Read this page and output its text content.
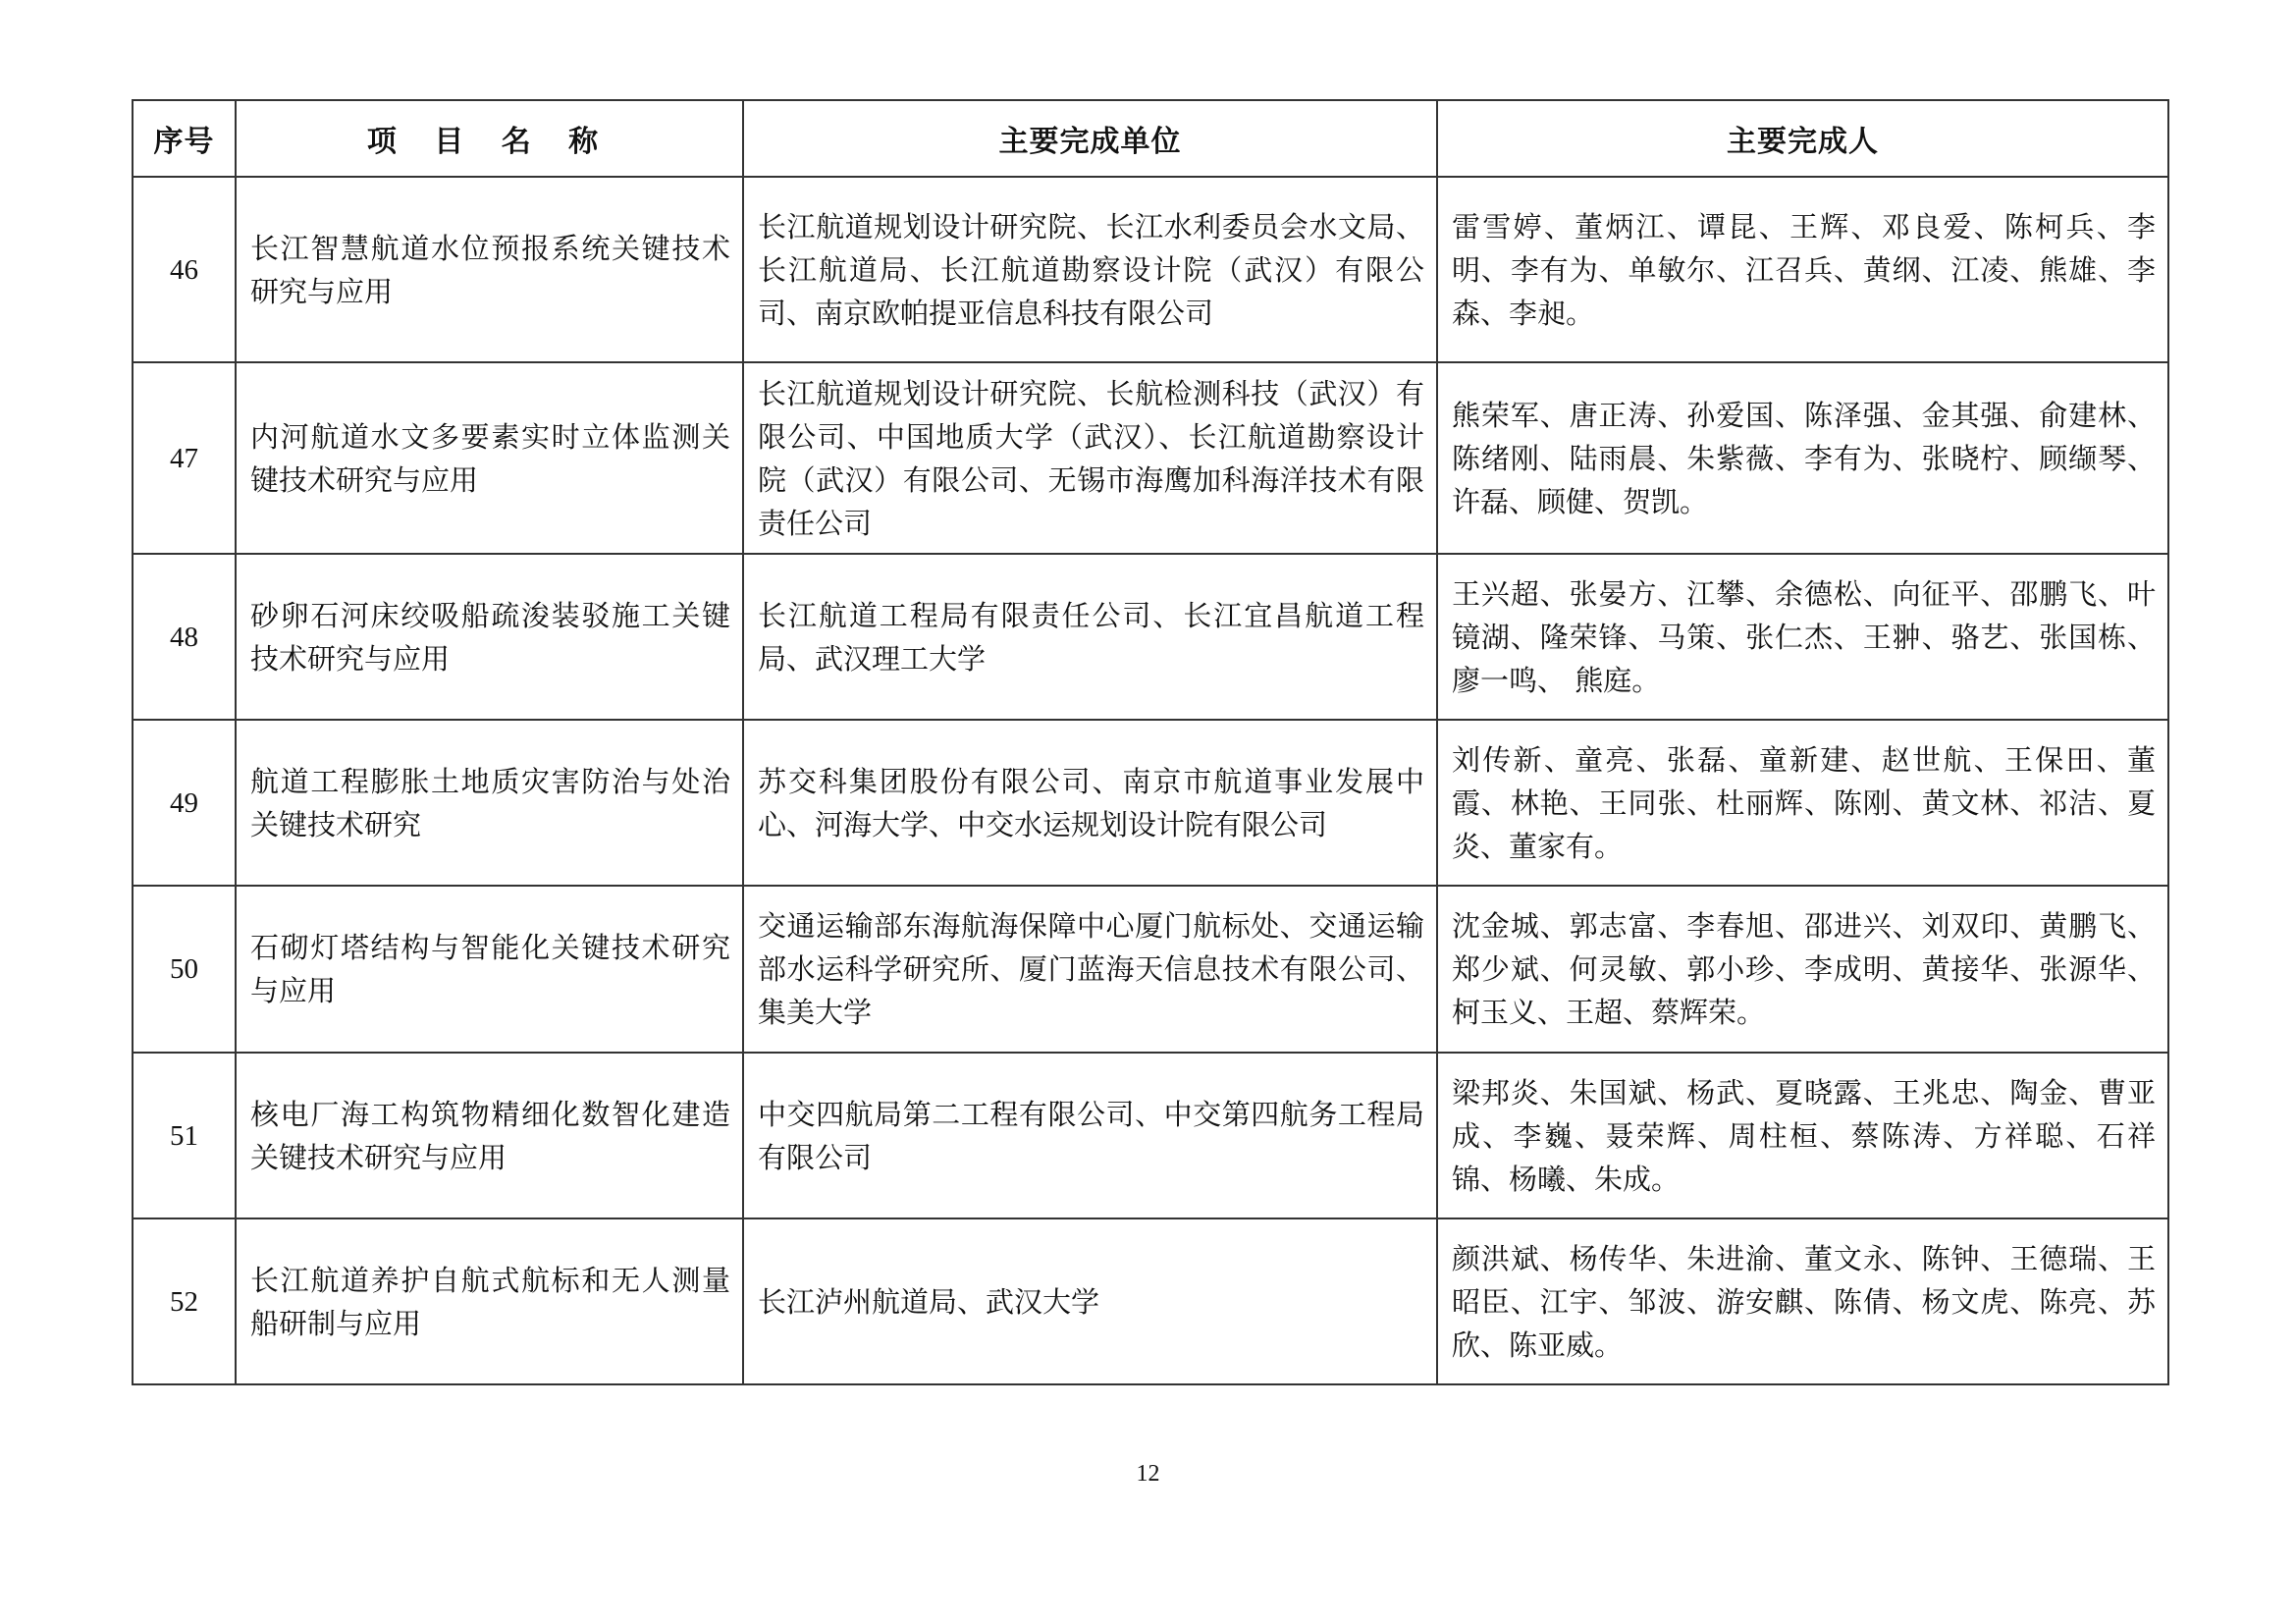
序号	项 目 名 称	主要完成单位	主要完成人
46	长江智慧航道水位预报系统关键技术研究与应用	长江航道规划设计研究院、长江水利委员会水文局、长江航道局、长江航道勘察设计院（武汉）有限公司、南京欧帕提亚信息科技有限公司	雷雪婷、董炳江、谭昆、王辉、邓良爱、陈柯兵、李明、李有为、单敏尔、江召兵、黄纲、江凌、熊雄、李森、李昶。
47	内河航道水文多要素实时立体监测关键技术研究与应用	长江航道规划设计研究院、长航检测科技（武汉）有限公司、中国地质大学（武汉）、长江航道勘察设计院（武汉）有限公司、无锡市海鹰加科海洋技术有限责任公司	熊荣军、唐正涛、孙爱国、陈泽强、金其强、俞建林、陈绪刚、陆雨晨、朱紫薇、李有为、张晓柠、顾缬琴、许磊、顾健、贺凯。
48	砂卵石河床绞吸船疏浚装驳施工关键技术研究与应用	长江航道工程局有限责任公司、长江宜昌航道工程局、武汉理工大学	王兴超、张晏方、江攀、余德松、向征平、邵鹏飞、叶镜湖、隆荣锋、马策、张仁杰、王翀、骆艺、张国栋、廖一鸣、 熊庭。
49	航道工程膨胀土地质灾害防治与处治关键技术研究	苏交科集团股份有限公司、南京市航道事业发展中心、河海大学、中交水运规划设计院有限公司	刘传新、童亮、张磊、童新建、赵世航、王保田、董霞、林艳、王同张、杜丽辉、陈刚、黄文林、祁洁、夏炎、董家有。
50	石砌灯塔结构与智能化关键技术研究与应用	交通运输部东海航海保障中心厦门航标处、交通运输部水运科学研究所、厦门蓝海天信息技术有限公司、集美大学	沈金城、郭志富、李春旭、邵进兴、刘双印、黄鹏飞、郑少斌、何灵敏、郭小珍、李成明、黄接华、张源华、柯玉义、王超、蔡辉荣。
51	核电厂海工构筑物精细化数智化建造关键技术研究与应用	中交四航局第二工程有限公司、中交第四航务工程局有限公司	梁邦炎、朱国斌、杨武、夏晓露、王兆忠、陶金、曹亚成、李巍、聂荣辉、周柱桓、蔡陈涛、方祥聪、石祥锦、杨曦、朱成。
52	长江航道养护自航式航标和无人测量船研制与应用	长江泸州航道局、武汉大学	颜洪斌、杨传华、朱进渝、董文永、陈钟、王德瑞、王昭臣、江宇、邹波、游安麒、陈倩、杨文虎、陈亮、苏欣、陈亚威。
12
